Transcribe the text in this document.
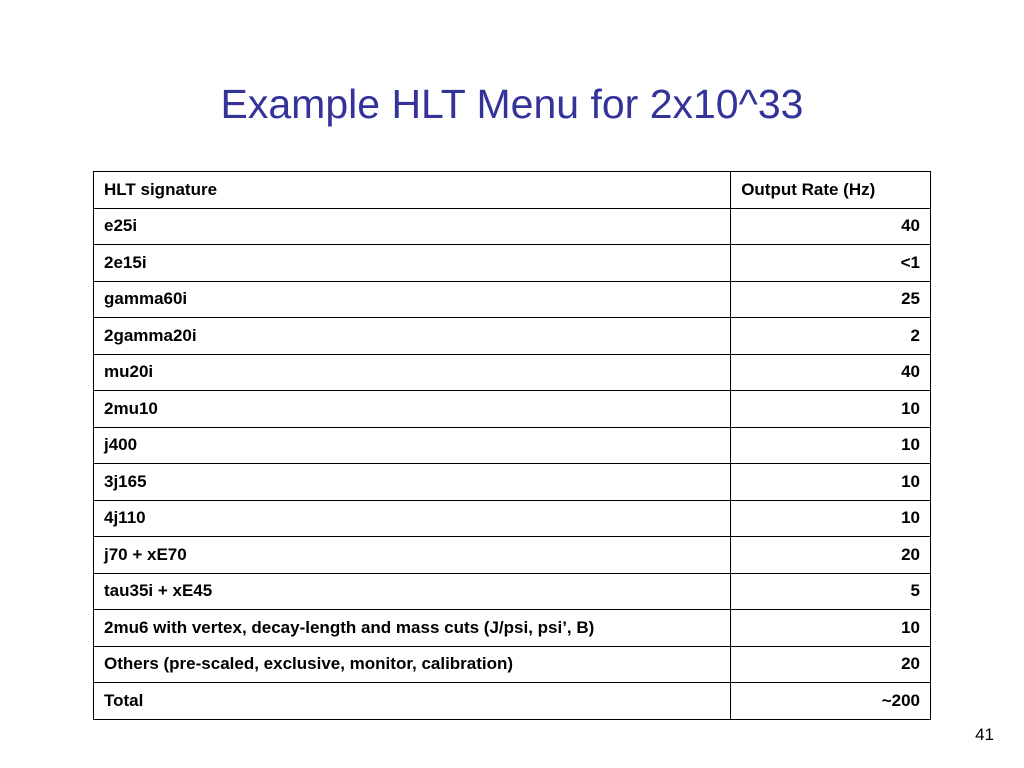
Example HLT Menu for 2x10^33
HLT signature	Output Rate (Hz)
e25i	40
2e15i	<1
gamma60i	25
2gamma20i	2
mu20i	40
2mu10	10
j400	10
3j165	10
4j110	10
j70 + xE70	20
tau35i + xE45	5
2mu6 with vertex, decay-length and mass cuts (J/psi, psi’, B)	10
Others (pre-scaled, exclusive, monitor, calibration)	20
Total	~200
41
